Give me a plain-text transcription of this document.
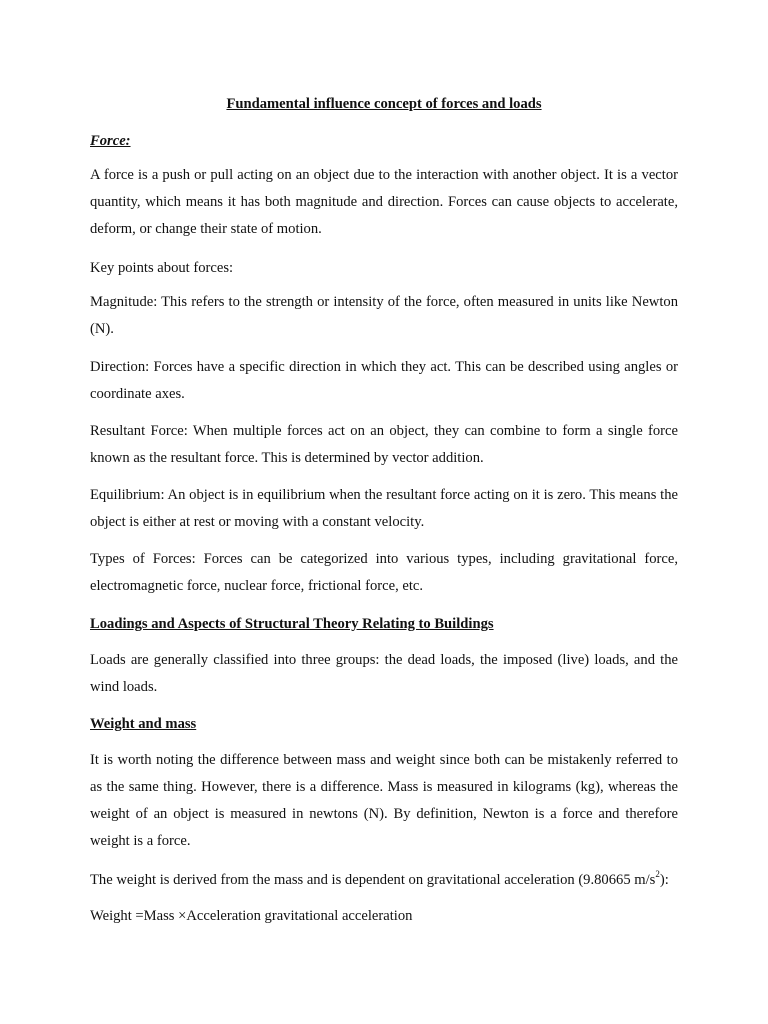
Fundamental influence concept of forces and loads

Force:

A force is a push or pull acting on an object due to the interaction with another object. It is a vector quantity, which means it has both magnitude and direction. Forces can cause objects to accelerate, deform, or change their state of motion.

Key points about forces:

Magnitude: This refers to the strength or intensity of the force, often measured in units like Newton (N).

Direction: Forces have a specific direction in which they act. This can be described using angles or coordinate axes.

Resultant Force: When multiple forces act on an object, they can combine to form a single force known as the resultant force. This is determined by vector addition.

Equilibrium: An object is in equilibrium when the resultant force acting on it is zero. This means the object is either at rest or moving with a constant velocity.

Types of Forces: Forces can be categorized into various types, including gravitational force, electromagnetic force, nuclear force, frictional force, etc.

Loadings and Aspects of Structural Theory Relating to Buildings

Loads are generally classified into three groups: the dead loads, the imposed (live) loads, and the wind loads.

Weight and mass

It is worth noting the difference between mass and weight since both can be mistakenly referred to as the same thing. However, there is a difference. Mass is measured in kilograms (kg), whereas the weight of an object is measured in newtons (N). By definition, Newton is a force and therefore weight is a force.

The weight is derived from the mass and is dependent on gravitational acceleration (9.80665 $m/s^2$):

Weight =Mass ×Acceleration gravitational acceleration
